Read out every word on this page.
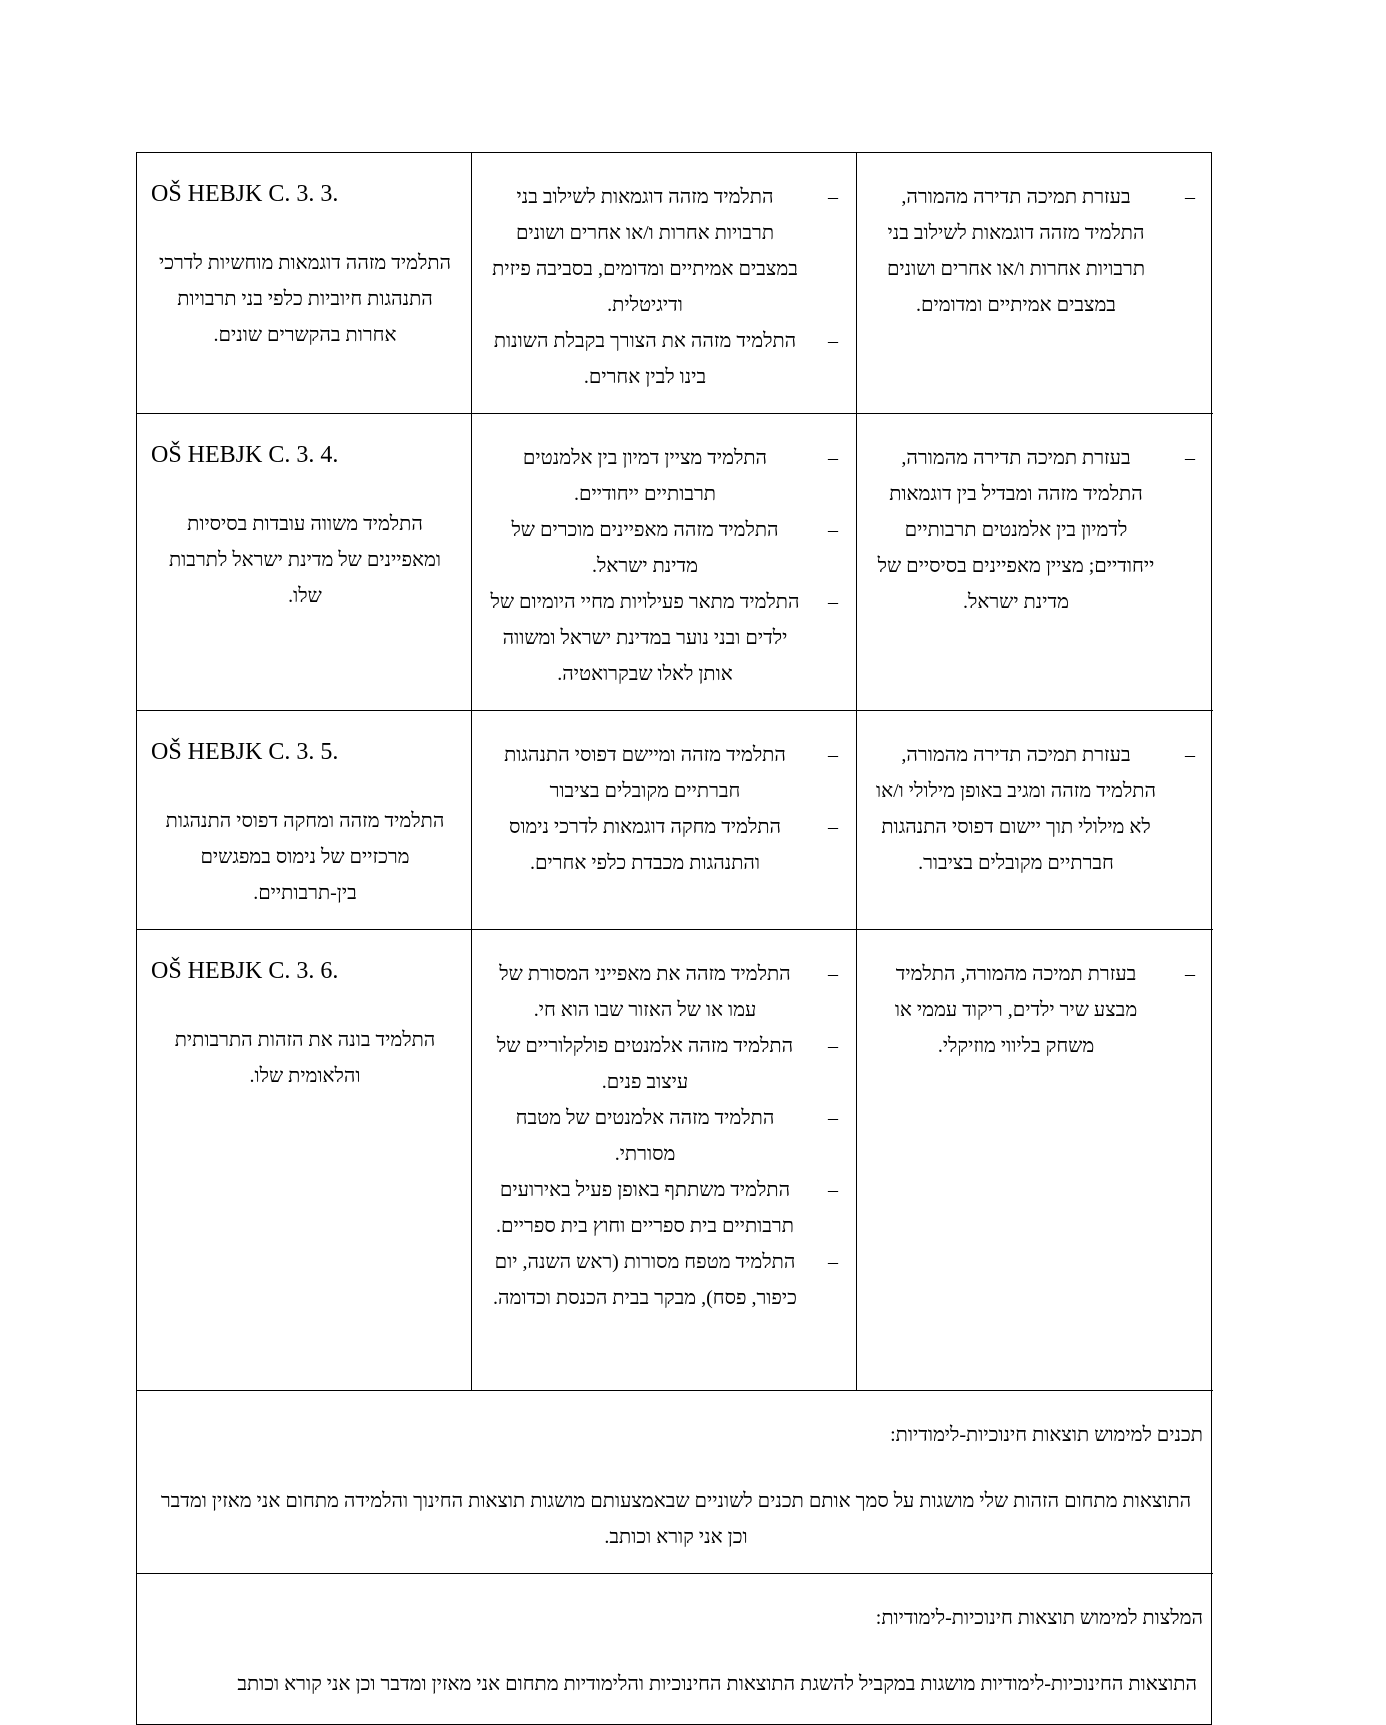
OŠ HEBJK C. 3. 3.
התלמיד מזהה דוגמאות מוחשיות לדרכי התנהגות חיוביות כלפי בני תרבויות אחרות בהקשרים שונים.
–
התלמיד מזהה דוגמאות לשילוב בני תרבויות אחרות ו/או אחרים ושונים במצבים אמיתיים ומדומים, בסביבה פיזית ודיגיטלית.
–
התלמיד מזהה את הצורך בקבלת השונות בינו לבין אחרים.
–
בעזרת תמיכה תדירה מהמורה, התלמיד מזהה דוגמאות לשילוב בני תרבויות אחרות ו/או אחרים ושונים במצבים אמיתיים ומדומים.
OŠ HEBJK C. 3. 4.
התלמיד משווה עובדות בסיסיות ומאפיינים של מדינת ישראל לתרבות שלו.
–
התלמיד מציין דמיון בין אלמנטים תרבותיים ייחודיים.
–
התלמיד מזהה מאפיינים מוכרים של מדינת ישראל.
–
התלמיד מתאר פעילויות מחיי היומיום של ילדים ובני נוער במדינת ישראל ומשווה אותן לאלו שבקרואטיה.
–
בעזרת תמיכה תדירה מהמורה, התלמיד מזהה ומבדיל בין דוגמאות לדמיון בין אלמנטים תרבותיים ייחודיים; מציין מאפיינים בסיסיים של מדינת ישראל.
OŠ HEBJK C. 3. 5.
התלמיד מזהה ומחקה דפוסי התנהגות מרכזיים של נימוס במפגשים בין-תרבותיים.
–
התלמיד מזהה ומיישם דפוסי התנהגות חברתיים מקובלים בציבור
–
התלמיד מחקה דוגמאות לדרכי נימוס והתנהגות מכבדת כלפי אחרים.
–
בעזרת תמיכה תדירה מהמורה, התלמיד מזהה ומגיב באופן מילולי ו/או לא מילולי תוך יישום דפוסי התנהגות חברתיים מקובלים בציבור.
OŠ HEBJK C. 3. 6.
התלמיד בונה את הזהות התרבותית והלאומית שלו.
–
התלמיד מזהה את מאפייני המסורת של עמו או של האזור שבו הוא חי.
–
התלמיד מזהה אלמנטים פולקלוריים של עיצוב פנים.
–
התלמיד מזהה אלמנטים של מטבח מסורתי.
–
התלמיד משתתף באופן פעיל באירועים תרבותיים בית ספריים וחוץ בית ספריים.
–
התלמיד מטפח מסורות (ראש השנה, יום כיפור, פסח), מבקר בבית הכנסת וכדומה.
–
בעזרת תמיכה מהמורה, התלמיד מבצע שיר ילדים, ריקוד עממי או משחק בליווי מוזיקלי.

תכנים למימוש תוצאות חינוכיות-לימודיות:

התוצאות מתחום הזהות שלי מושגות על סמך אותם תכנים לשוניים שבאמצעותם מושגות תוצאות החינוך והלמידה מתחום אני מאזין ומדבר וכן אני קורא וכותב.

המלצות למימוש תוצאות חינוכיות-לימודיות:

התוצאות החינוכיות-לימודיות מושגות במקביל להשגת התוצאות החינוכיות והלימודיות מתחום אני מאזין ומדבר וכן אני קורא וכותב
